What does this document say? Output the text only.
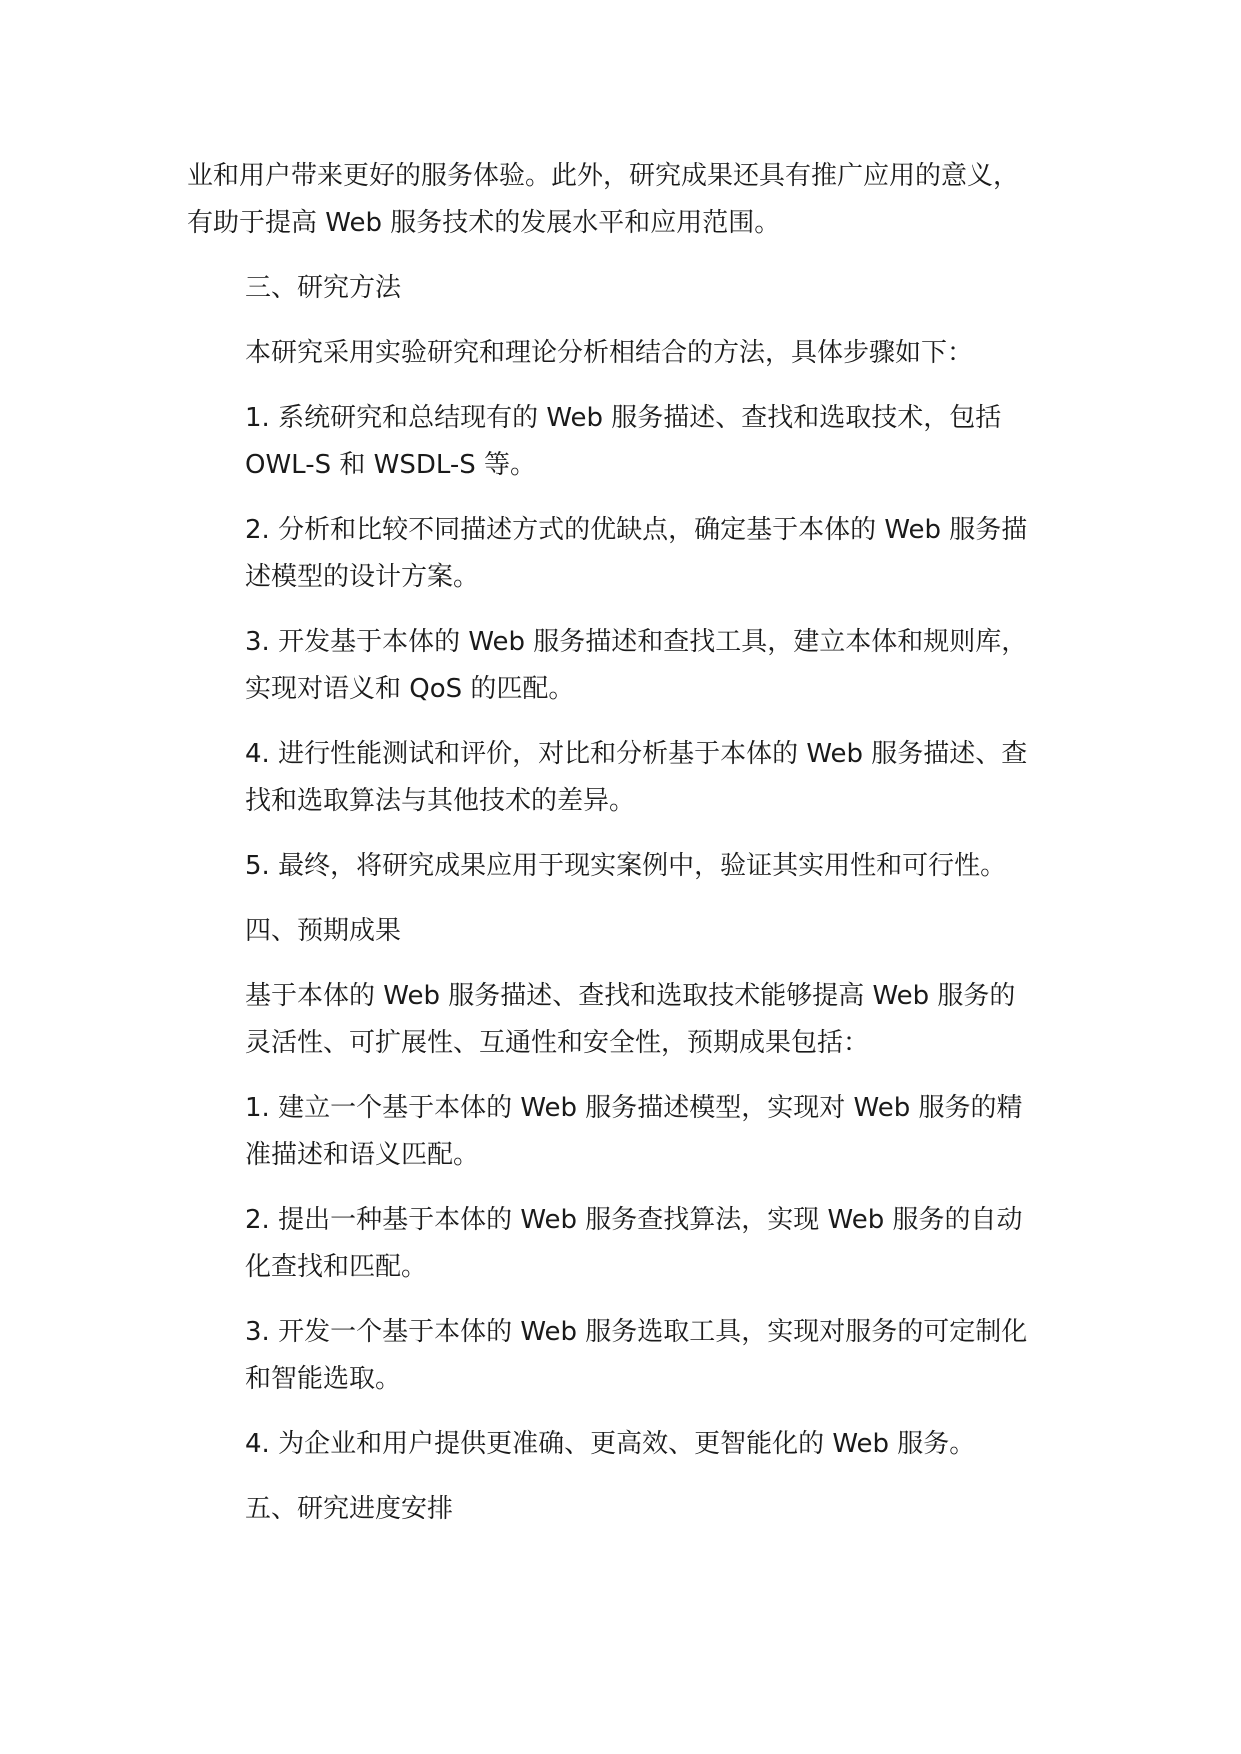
业和用户带来更好的服务体验。此外，研究成果还具有推广应用的意义，
有助于提高 Web 服务技术的发展水平和应用范围。
三、研究方法
本研究采用实验研究和理论分析相结合的方法，具体步骤如下：
1. 系统研究和总结现有的 Web 服务描述、查找和选取技术，包括
OWL-S 和 WSDL-S 等。
2. 分析和比较不同描述方式的优缺点，确定基于本体的 Web 服务描
述模型的设计方案。
3. 开发基于本体的 Web 服务描述和查找工具，建立本体和规则库，
实现对语义和 QoS 的匹配。
4. 进行性能测试和评价，对比和分析基于本体的 Web 服务描述、查
找和选取算法与其他技术的差异。
5. 最终，将研究成果应用于现实案例中，验证其实用性和可行性。
四、预期成果
基于本体的 Web 服务描述、查找和选取技术能够提高 Web 服务的
灵活性、可扩展性、互通性和安全性，预期成果包括：
1. 建立一个基于本体的 Web 服务描述模型，实现对 Web 服务的精
准描述和语义匹配。
2. 提出一种基于本体的 Web 服务查找算法，实现 Web 服务的自动
化查找和匹配。
3. 开发一个基于本体的 Web 服务选取工具，实现对服务的可定制化
和智能选取。
4. 为企业和用户提供更准确、更高效、更智能化的 Web 服务。
五、研究进度安排
